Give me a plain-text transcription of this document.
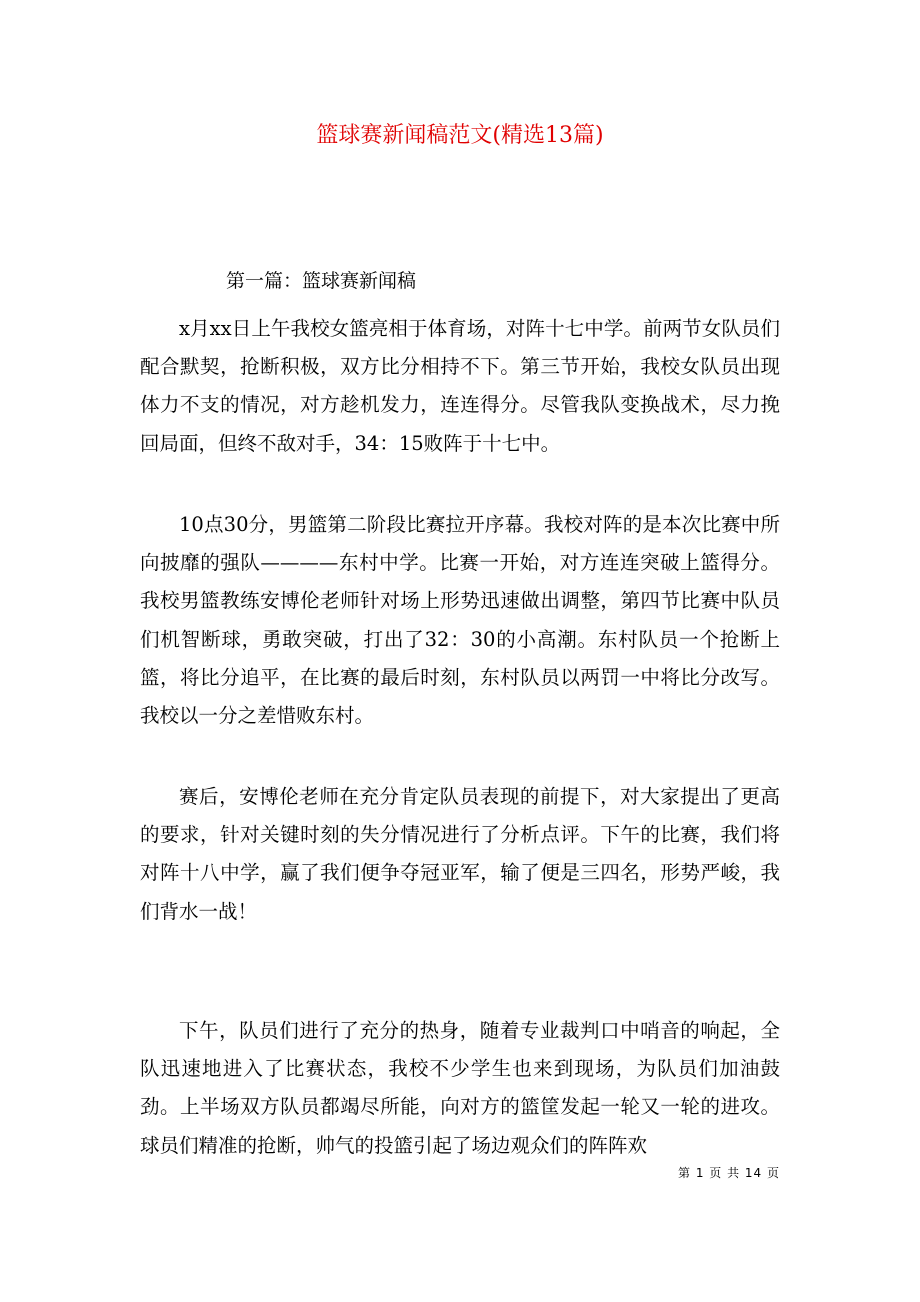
篮球赛新闻稿范文(精选13篇)

第一篇：篮球赛新闻稿

x月xx日上午我校女篮亮相于体育场，对阵十七中学。前两节女队员们配合默契，抢断积极，双方比分相持不下。第三节开始，我校女队员出现体力不支的情况，对方趁机发力，连连得分。尽管我队变换战术，尽力挽回局面，但终不敌对手，34：15败阵于十七中。

10点30分，男篮第二阶段比赛拉开序幕。我校对阵的是本次比赛中所向披靡的强队————东村中学。比赛一开始，对方连连突破上篮得分。我校男篮教练安博伦老师针对场上形势迅速做出调整，第四节比赛中队员们机智断球，勇敢突破，打出了32：30的小高潮。东村队员一个抢断上篮，将比分追平，在比赛的最后时刻，东村队员以两罚一中将比分改写。我校以一分之差惜败东村。

赛后，安博伦老师在充分肯定队员表现的前提下，对大家提出了更高的要求，针对关键时刻的失分情况进行了分析点评。下午的比赛，我们将对阵十八中学，赢了我们便争夺冠亚军，输了便是三四名，形势严峻，我们背水一战！

下午，队员们进行了充分的热身，随着专业裁判口中哨音的响起，全队迅速地进入了比赛状态，我校不少学生也来到现场，为队员们加油鼓劲。上半场双方队员都竭尽所能，向对方的篮筐发起一轮又一轮的进攻。球员们精准的抢断，帅气的投篮引起了场边观众们的阵阵欢

第 1 页 共 14 页
